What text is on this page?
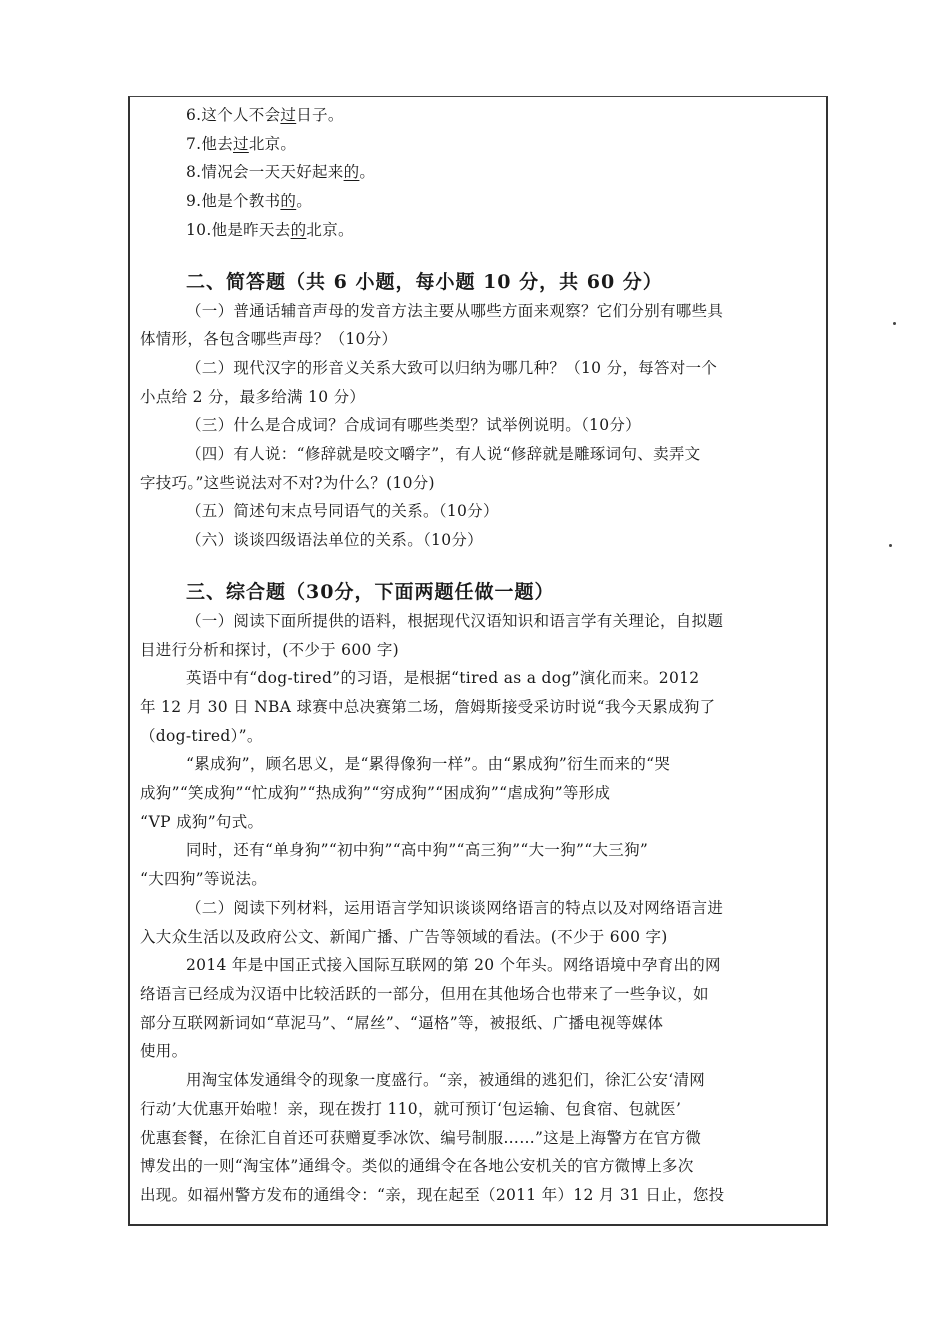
6.这个人不会过日子。
7.他去过北京。
8.情况会一天天好起来的。
9.他是个教书的。
10.他是昨天去的北京。
二、简答题（共 6 小题，每小题 10 分，共 60 分）
（一）普通话辅音声母的发音方法主要从哪些方面来观察？它们分别有哪些具
体情形，各包含哪些声母？（10分）
（二）现代汉字的形音义关系大致可以归纳为哪几种？（10 分，每答对一个
小点给 2 分，最多给满 10 分）
（三）什么是合成词？合成词有哪些类型？试举例说明。（10分）
（四）有人说：“修辞就是咬文嚼字”，有人说“修辞就是雕琢词句、卖弄文
字技巧。”这些说法对不对?为什么？(10分)
（五）简述句末点号同语气的关系。（10分）
（六）谈谈四级语法单位的关系。（10分）
三、综合题（30分，下面两题任做一题）
（一）阅读下面所提供的语料，根据现代汉语知识和语言学有关理论，自拟题
目进行分析和探讨，(不少于 600 字)
英语中有“dog-tired”的习语，是根据“tired as a dog”演化而来。2012
年 12 月 30 日 NBA 球赛中总决赛第二场，詹姆斯接受采访时说“我今天累成狗了
（dog-tired）”。
“累成狗”，顾名思义，是“累得像狗一样”。由“累成狗”衍生而来的“哭
成狗”“笑成狗”“忙成狗”“热成狗”“穷成狗”“困成狗”“虐成狗”等形成
“VP 成狗”句式。
同时，还有“单身狗”“初中狗”“高中狗”“高三狗”“大一狗”“大三狗”
“大四狗”等说法。
（二）阅读下列材料，运用语言学知识谈谈网络语言的特点以及对网络语言进
入大众生活以及政府公文、新闻广播、广告等领域的看法。(不少于 600 字)
2014 年是中国正式接入国际互联网的第 20 个年头。网络语境中孕育出的网
络语言已经成为汉语中比较活跃的一部分，但用在其他场合也带来了一些争议，如
部分互联网新词如“草泥马”、“屌丝”、“逼格”等，被报纸、广播电视等媒体
使用。
用淘宝体发通缉令的现象一度盛行。“亲，被通缉的逃犯们，徐汇公安‘清网
行动’大优惠开始啦！亲，现在拨打 110，就可预订‘包运输、包食宿、包就医’
优惠套餐，在徐汇自首还可获赠夏季冰饮、编号制服……”这是上海警方在官方微
博发出的一则“淘宝体”通缉令。类似的通缉令在各地公安机关的官方微博上多次
出现。如福州警方发布的通缉令：“亲，现在起至（2011 年）12 月 31 日止，您投
